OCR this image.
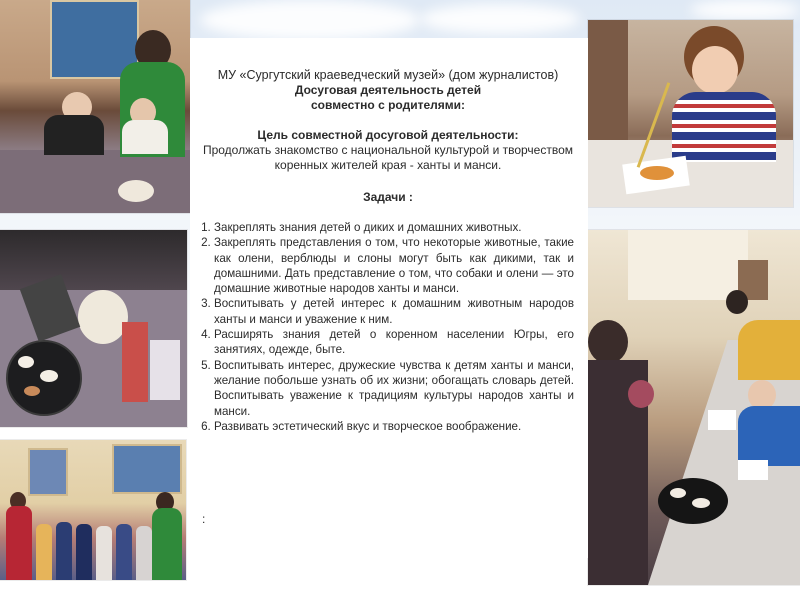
МУ «Сургутский краеведческий музей» (дом журналистов)
Досуговая деятельность детей
совместно с родителями:
Цель совместной досуговой деятельности:
Продолжать знакомство с национальной культурой и творчеством коренных жителей края - ханты и манси.
Задачи :
1. Закреплять знания детей о диких и домашних животных.
2. Закреплять представления о том, что некоторые животные, такие как олени, верблюды и слоны могут быть как дикими, так и домашними. Дать представление о том, что собаки и олени — это домашние животные народов ханты и манси.
3. Воспитывать у детей интерес к домашним животным народов ханты и манси и уважение к ним.
4. Расширять знания детей о коренном населении Югры, его занятиях, одежде, быте.
5. Воспитывать интерес, дружеские чувства к детям ханты и манси, желание побольше узнать об их жизни; обогащать словарь детей. Воспитывать уважение к традициям культуры народов ханты и манси.
6. Развивать эстетический вкус и творческое воображение.
:
